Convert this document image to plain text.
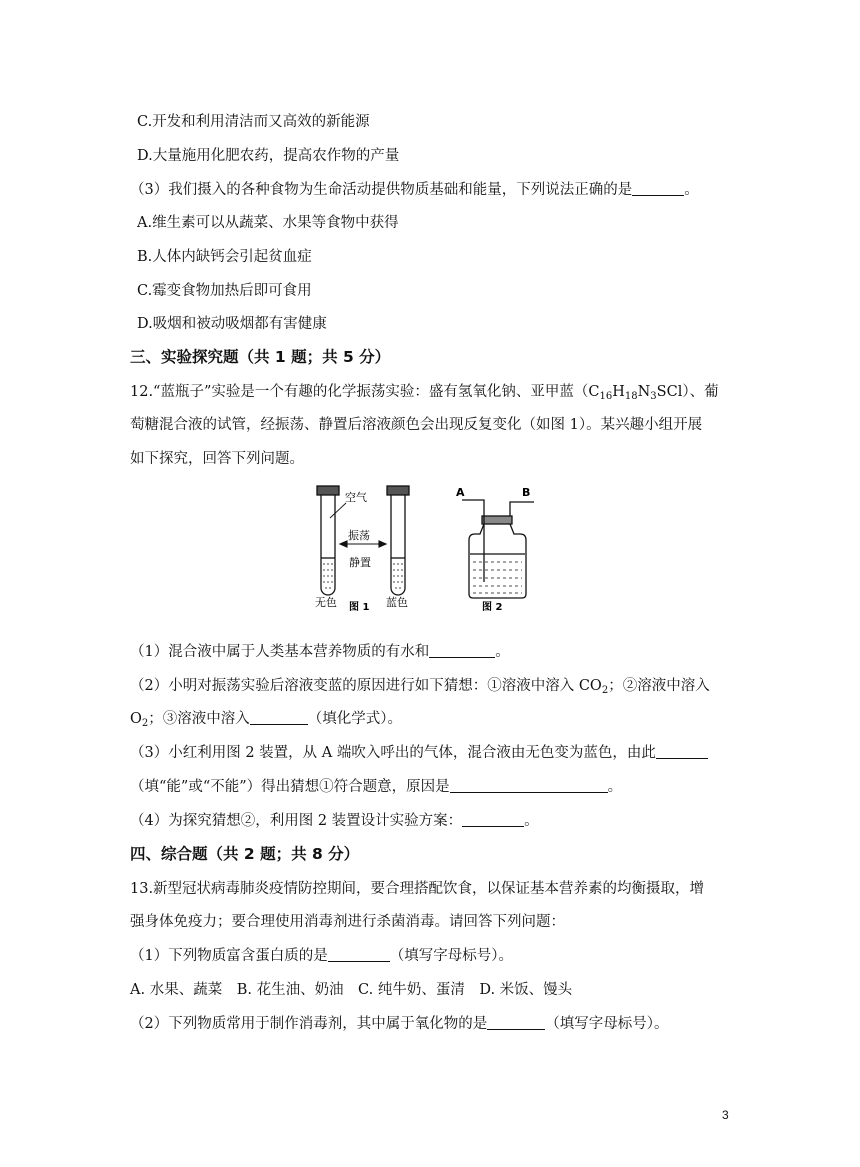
C.开发和利用清洁而又高效的新能源
D.大量施用化肥农药，提高农作物的产量
（3）我们摄入的各种食物为生命活动提供物质基础和能量，下列说法正确的是	。
A.维生素可以从蔬菜、水果等食物中获得
B.人体内缺钙会引起贫血症
C.霉变食物加热后即可食用
D.吸烟和被动吸烟都有害健康
三、实验探究题（共 1 题；共 5 分）
12.“蓝瓶子”实验是一个有趣的化学振荡实验：盛有氢氧化钠、亚甲蓝$(C_{16}H_{18}N_3SCl)$、葡
萄糖混合液的试管，经振荡、静置后溶液颜色会出现反复变化（如图 1）。某兴趣小组开展
如下探究，回答下列问题。
空气
振荡
静置
无色	蓝色
图 1
A	B
图 2
（1）混合液中属于人类基本营养物质的有水和	。
（2）小明对振荡实验后溶液变蓝的原因进行如下猜想：①溶液中溶入 $CO_2$；②溶液中溶入
$O_2$；③溶液中溶入	（填化学式）。
（3）小红利用图 2 装置，从 A 端吹入呼出的气体，混合液由无色变为蓝色，由此
（填“能”或“不能”）得出猜想①符合题意，原因是	。
（4）为探究猜想②，利用图 2 装置设计实验方案：	。
四、综合题（共 2 题；共 8 分）
13.新型冠状病毒肺炎疫情防控期间，要合理搭配饮食，以保证基本营养素的均衡摄取，增
强身体免疫力；要合理使用消毒剂进行杀菌消毒。请回答下列问题：
（1）下列物质富含蛋白质的是	（填写字母标号）。
A. 水果、蔬菜　B. 花生油、奶油　C. 纯牛奶、蛋清　D. 米饭、馒头
（2）下列物质常用于制作消毒剂，其中属于氧化物的是	（填写字母标号）。
3
